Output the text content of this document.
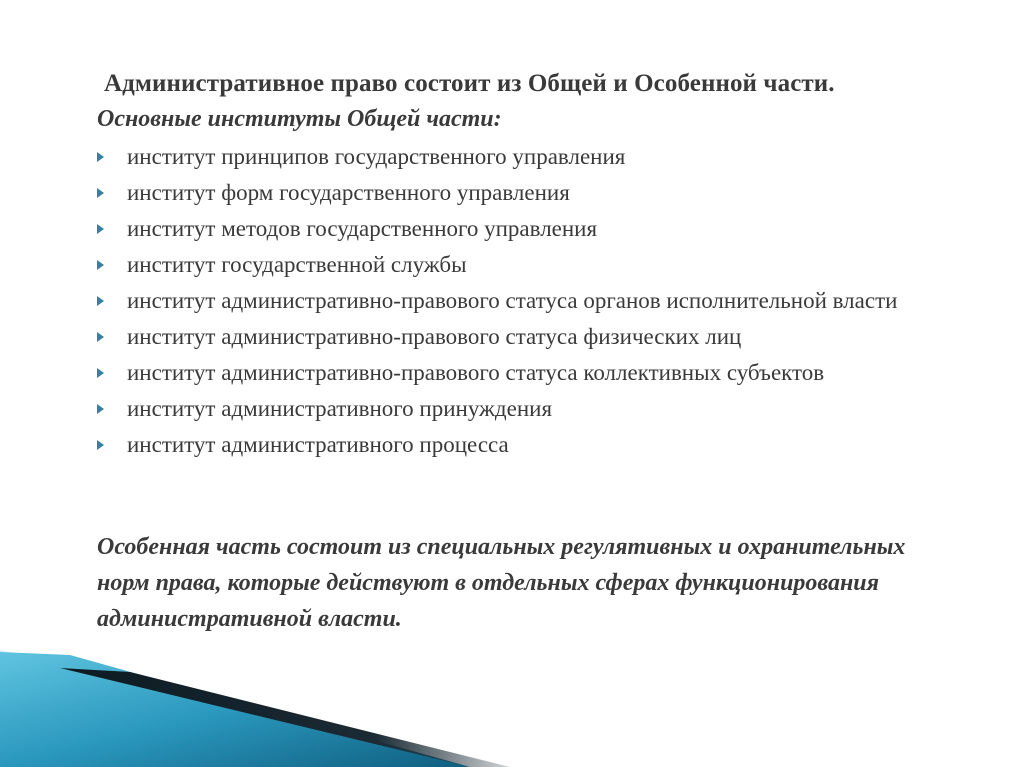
Административное право состоит из Общей и Особенной части.
Основные институты Общей части:
институт принципов государственного управления
институт форм государственного управления
институт методов государственного управления
институт государственной службы
институт административно-правового статуса органов исполнительной власти
институт административно-правового статуса физических лиц
институт административно-правового статуса коллективных субъектов
институт административного принуждения
институт административного процесса
Особенная часть состоит из специальных регулятивных и охранительных норм права, которые действуют в отдельных сферах функционирования административной власти.
